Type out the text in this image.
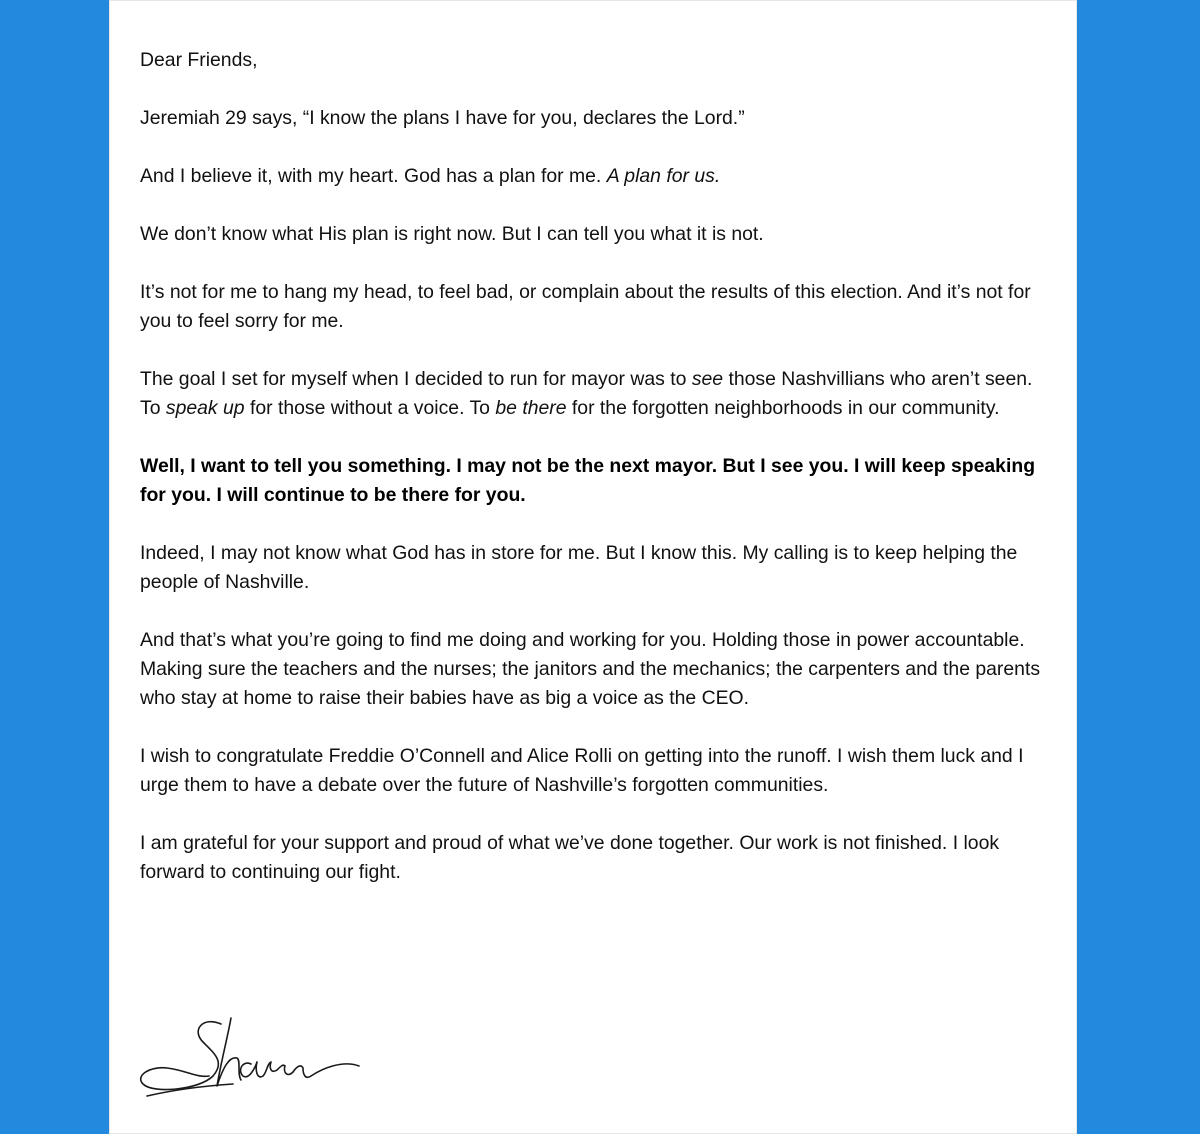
Dear Friends,

Jeremiah 29 says, “I know the plans I have for you, declares the Lord.”

And I believe it, with my heart. God has a plan for me. A plan for us.

We don’t know what His plan is right now. But I can tell you what it is not.

It’s not for me to hang my head, to feel bad, or complain about the results of this election. And it’s not for you to feel sorry for me.

The goal I set for myself when I decided to run for mayor was to see those Nashvillians who aren’t seen. To speak up for those without a voice. To be there for the forgotten neighborhoods in our community.

Well, I want to tell you something. I may not be the next mayor. But I see you. I will keep speaking for you. I will continue to be there for you.

Indeed, I may not know what God has in store for me. But I know this. My calling is to keep helping the people of Nashville.

And that’s what you’re going to find me doing and working for you. Holding those in power accountable. Making sure the teachers and the nurses; the janitors and the mechanics; the carpenters and the parents who stay at home to raise their babies have as big a voice as the CEO.

I wish to congratulate Freddie O’Connell and Alice Rolli on getting into the runoff. I wish them luck and I urge them to have a debate over the future of Nashville’s forgotten communities.

I am grateful for your support and proud of what we’ve done together. Our work is not finished. I look forward to continuing our fight.
